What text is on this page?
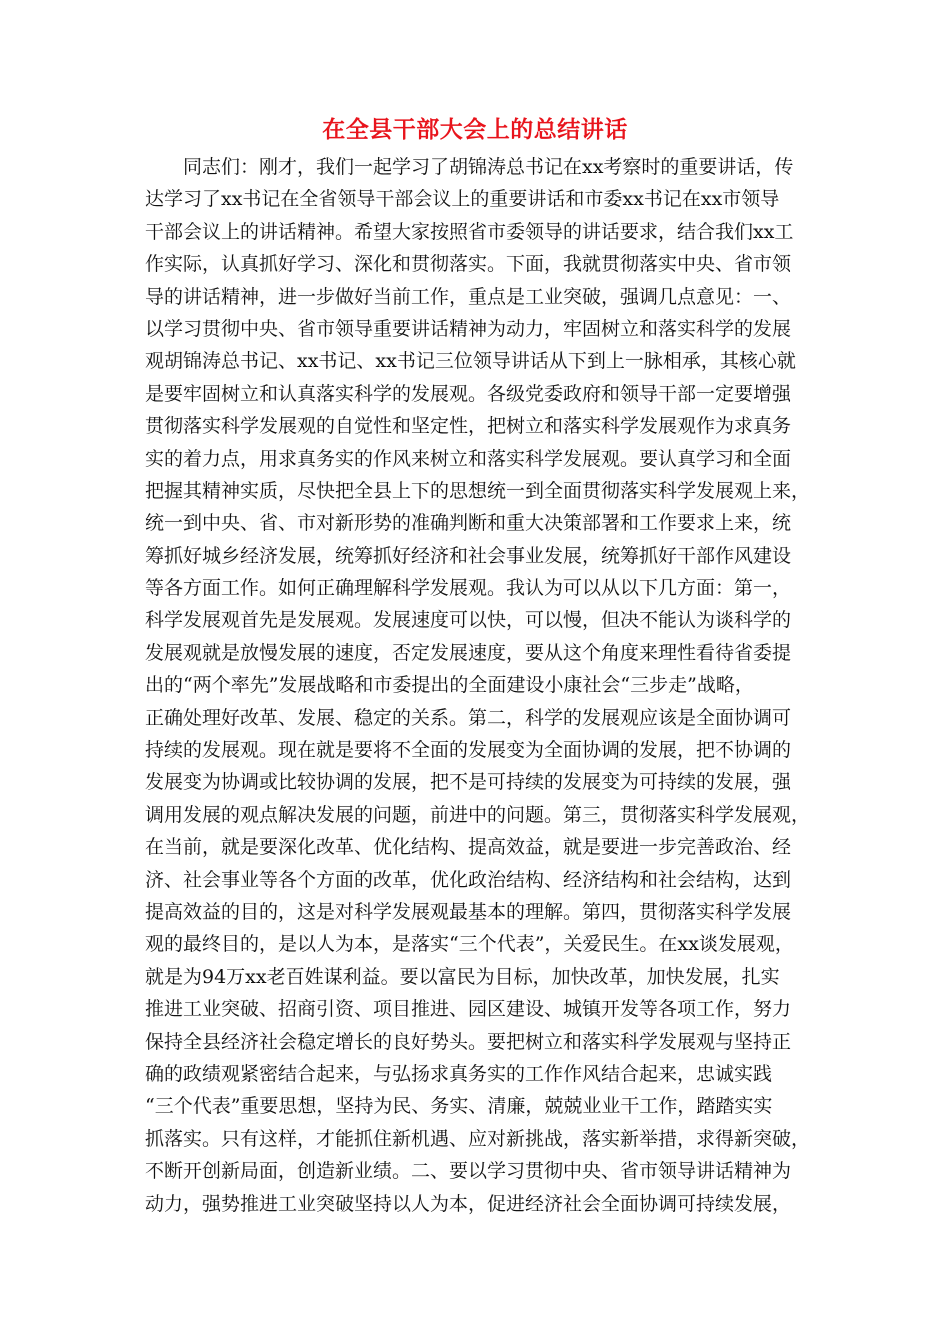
在全县干部大会上的总结讲话
同志们：刚才，我们一起学习了胡锦涛总书记在xx考察时的重要讲话，传
达学习了xx书记在全省领导干部会议上的重要讲话和市委xx书记在xx市领导
干部会议上的讲话精神。希望大家按照省市委领导的讲话要求，结合我们xx工
作实际，认真抓好学习、深化和贯彻落实。下面，我就贯彻落实中央、省市领
导的讲话精神，进一步做好当前工作，重点是工业突破，强调几点意见：一、
以学习贯彻中央、省市领导重要讲话精神为动力，牢固树立和落实科学的发展
观胡锦涛总书记、xx书记、xx书记三位领导讲话从下到上一脉相承，其核心就
是要牢固树立和认真落实科学的发展观。各级党委政府和领导干部一定要增强
贯彻落实科学发展观的自觉性和坚定性，把树立和落实科学发展观作为求真务
实的着力点，用求真务实的作风来树立和落实科学发展观。要认真学习和全面
把握其精神实质，尽快把全县上下的思想统一到全面贯彻落实科学发展观上来，
统一到中央、省、市对新形势的准确判断和重大决策部署和工作要求上来，统
筹抓好城乡经济发展，统筹抓好经济和社会事业发展，统筹抓好干部作风建设
等各方面工作。如何正确理解科学发展观。我认为可以从以下几方面：第一，
科学发展观首先是发展观。发展速度可以快，可以慢，但决不能认为谈科学的
发展观就是放慢发展的速度，否定发展速度，要从这个角度来理性看待省委提
出的“两个率先”发展战略和市委提出的全面建设小康社会“三步走”战略，
正确处理好改革、发展、稳定的关系。第二，科学的发展观应该是全面协调可
持续的发展观。现在就是要将不全面的发展变为全面协调的发展，把不协调的
发展变为协调或比较协调的发展，把不是可持续的发展变为可持续的发展，强
调用发展的观点解决发展的问题，前进中的问题。第三，贯彻落实科学发展观，
在当前，就是要深化改革、优化结构、提高效益，就是要进一步完善政治、经
济、社会事业等各个方面的改革，优化政治结构、经济结构和社会结构，达到
提高效益的目的，这是对科学发展观最基本的理解。第四，贯彻落实科学发展
观的最终目的，是以人为本，是落实“三个代表”，关爱民生。在xx谈发展观，
就是为94万xx老百姓谋利益。要以富民为目标，加快改革，加快发展，扎实
推进工业突破、招商引资、项目推进、园区建设、城镇开发等各项工作，努力
保持全县经济社会稳定增长的良好势头。要把树立和落实科学发展观与坚持正
确的政绩观紧密结合起来，与弘扬求真务实的工作作风结合起来，忠诚实践
“三个代表”重要思想，坚持为民、务实、清廉，兢兢业业干工作，踏踏实实
抓落实。只有这样，才能抓住新机遇、应对新挑战，落实新举措，求得新突破，
不断开创新局面，创造新业绩。二、要以学习贯彻中央、省市领导讲话精神为
动力，强势推进工业突破坚持以人为本，促进经济社会全面协调可持续发展，
